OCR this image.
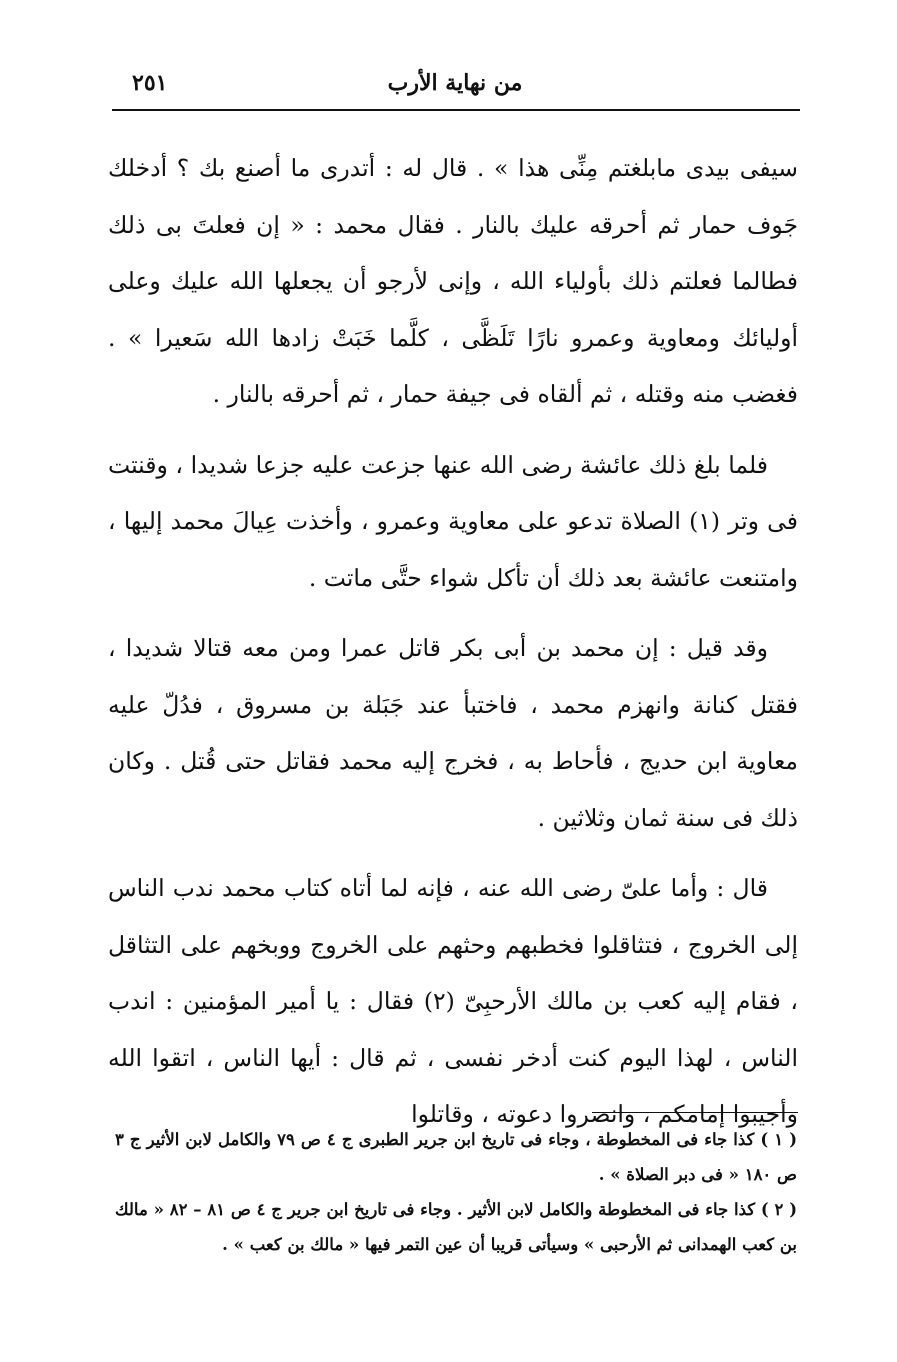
٢٥١	من نهاية الأرب

سيفى بيدى مابلغتم مِنِّى هذا » . قال له : أتدرى ما أصنع بك ؟ أدخلك جَوف حمار ثم أحرقه عليك بالنار . فقال محمد : « إن فعلتَ بى ذلك فطالما فعلتم ذلك بأولياء الله ، وإنى لأرجو أن يجعلها الله عليك وعلى أوليائك ومعاوية وعمرو نارًا تَلَظَّى ، كلَّما خَبَتْ زادها الله سَعيرا » . فغضب منه وقتله ، ثم ألقاه فى جيفة حمار ، ثم أحرقه بالنار .

فلما بلغ ذلك عائشة رضى الله عنها جزعت عليه جزعا شديدا ، وقنتت فى وتر (١) الصلاة تدعو على معاوية وعمرو ، وأخذت عِيالَ محمد إليها ، وامتنعت عائشة بعد ذلك أن تأكل شواء حتَّى ماتت .

وقد قيل : إن محمد بن أبى بكر قاتل عمرا ومن معه قتالا شديدا ، فقتل كنانة وانهزم محمد ، فاختبأ عند جَبَلة بن مسروق ، فدُلّ عليه معاوية ابن حديج ، فأحاط به ، فخرج إليه محمد فقاتل حتى قُتل . وكان ذلك فى سنة ثمان وثلاثين .

قال : وأما علىّ رضى الله عنه ، فإنه لما أتاه كتاب محمد ندب الناس إلى الخروج ، فتثاقلوا فخطبهم وحثهم على الخروج ووبخهم على التثاقل ، فقام إليه كعب بن مالك الأرحبِىّ (٢) فقال : يا أمير المؤمنين : اندب الناس ، لهذا اليوم كنت أدخر نفسى ، ثم قال : أيها الناس ، اتقوا الله وأجيبوا إمامكم ، وانصروا دعوته ، وقاتلوا

( ١ ) كذا جاء فى المخطوطة ، وجاء فى تاريخ ابن جرير الطبرى ج ٤ ص ٧٩ والكامل لابن الأثير ج ٣ ص ١٨٠ « فى دبر الصلاة » .

( ٢ ) كذا جاء فى المخطوطة والكامل لابن الأثير . وجاء فى تاريخ ابن جرير ج ٤ ص ٨١ – ٨٢ « مالك بن كعب الهمدانى ثم الأرحبى » وسيأتى قريبا أن عين التمر فيها « مالك بن كعب » .
